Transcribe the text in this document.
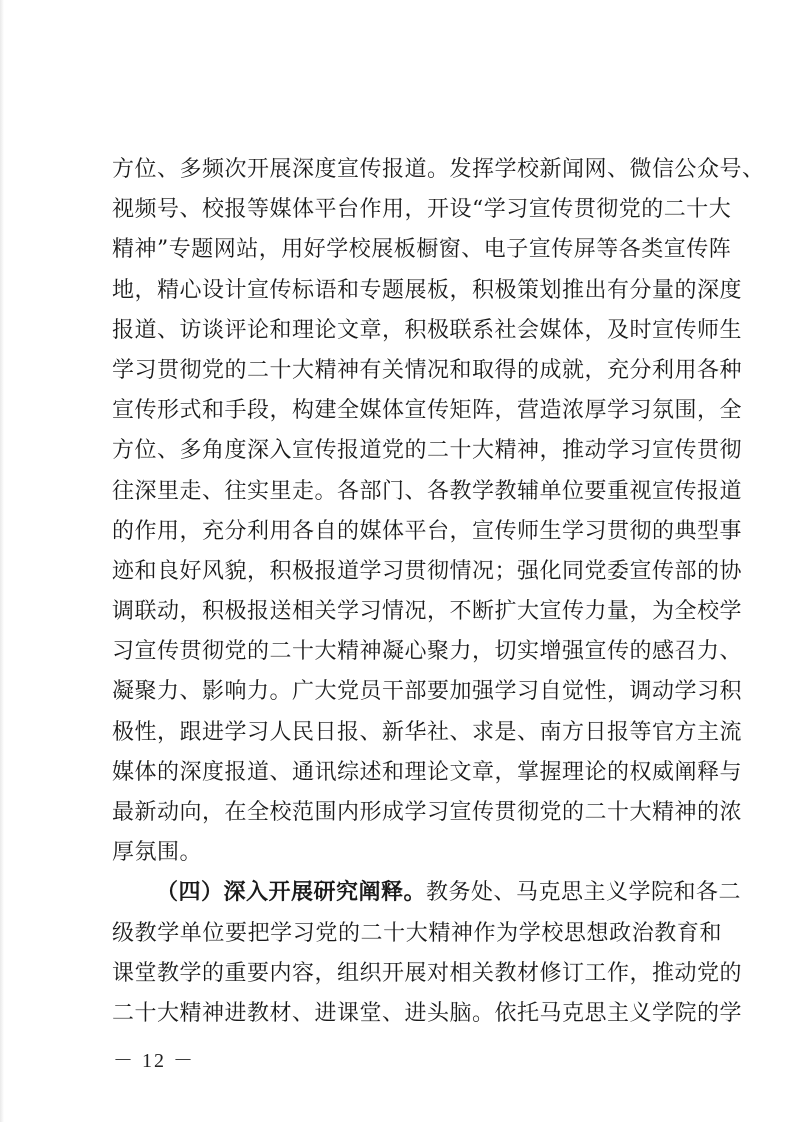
方位、多频次开展深度宣传报道。发挥学校新闻网、微信公众号、
视频号、校报等媒体平台作用，开设“学习宣传贯彻党的二十大
精神”专题网站，用好学校展板橱窗、电子宣传屏等各类宣传阵
地，精心设计宣传标语和专题展板，积极策划推出有分量的深度
报道、访谈评论和理论文章，积极联系社会媒体，及时宣传师生
学习贯彻党的二十大精神有关情况和取得的成就，充分利用各种
宣传形式和手段，构建全媒体宣传矩阵，营造浓厚学习氛围，全
方位、多角度深入宣传报道党的二十大精神，推动学习宣传贯彻
往深里走、往实里走。各部门、各教学教辅单位要重视宣传报道
的作用，充分利用各自的媒体平台，宣传师生学习贯彻的典型事
迹和良好风貌，积极报道学习贯彻情况；强化同党委宣传部的协
调联动，积极报送相关学习情况，不断扩大宣传力量，为全校学
习宣传贯彻党的二十大精神凝心聚力，切实增强宣传的感召力、
凝聚力、影响力。广大党员干部要加强学习自觉性，调动学习积
极性，跟进学习人民日报、新华社、求是、南方日报等官方主流
媒体的深度报道、通讯综述和理论文章，掌握理论的权威阐释与
最新动向，在全校范围内形成学习宣传贯彻党的二十大精神的浓
厚氛围。
（四）深入开展研究阐释。教务处、马克思主义学院和各二
级教学单位要把学习党的二十大精神作为学校思想政治教育和
课堂教学的重要内容，组织开展对相关教材修订工作，推动党的
二十大精神进教材、进课堂、进头脑。依托马克思主义学院的学
－ 12 －
